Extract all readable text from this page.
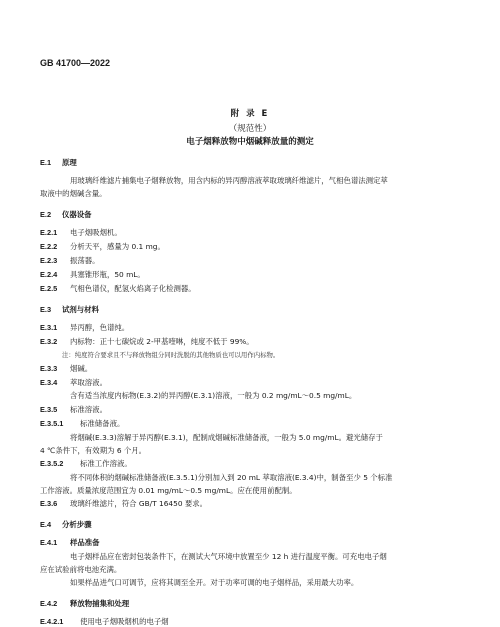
GB 41700—2022
附 录 E
（规范性）
电子烟释放物中烟碱释放量的测定
E.1 原理
用玻璃纤维滤片捕集电子烟释放物，用含内标的异丙醇溶液萃取玻璃纤维滤片，气相色谱法测定萃
取液中的烟碱含量。
E.2 仪器设备
E.2.1 电子烟吸烟机。
E.2.2 分析天平，感量为 0.1 mg。
E.2.3 振荡器。
E.2.4 具塞锥形瓶，50 mL。
E.2.5 气相色谱仪，配氢火焰离子化检测器。
E.3 试剂与材料
E.3.1 异丙醇，色谱纯。
E.3.2 内标物：正十七碳烷或 2-甲基喹啉，纯度不低于 99%。
注：纯度符合要求且不与释放物组分同时洗脱的其他物质也可以用作内标物。
E.3.3 烟碱。
E.3.4 萃取溶液。
含有适当浓度内标物(E.3.2)的异丙醇(E.3.1)溶液，一般为 0.2 mg/mL～0.5 mg/mL。
E.3.5 标准溶液。
E.3.5.1 标准储备液。
将烟碱(E.3.3)溶解于异丙醇(E.3.1)，配制成烟碱标准储备液，一般为 5.0 mg/mL。避光储存于
4 ℃条件下，有效期为 6 个月。
E.3.5.2 标准工作溶液。
将不同体积的烟碱标准储备液(E.3.5.1)分别加入到 20 mL 萃取溶液(E.3.4)中，制备至少 5 个标准
工作溶液。质量浓度范围宜为 0.01 mg/mL～0.5 mg/mL。应在使用前配制。
E.3.6 玻璃纤维滤片，符合 GB/T 16450 要求。
E.4 分析步骤
E.4.1 样品准备
电子烟样品应在密封包装条件下，在测试大气环境中放置至少 12 h 进行温度平衡。可充电电子烟
应在试验前将电池充满。
如果样品进气口可调节，应将其调至全开。对于功率可调的电子烟样品，采用最大功率。
E.4.2 释放物捕集和处理
E.4.2.1 使用电子烟吸烟机的电子烟
